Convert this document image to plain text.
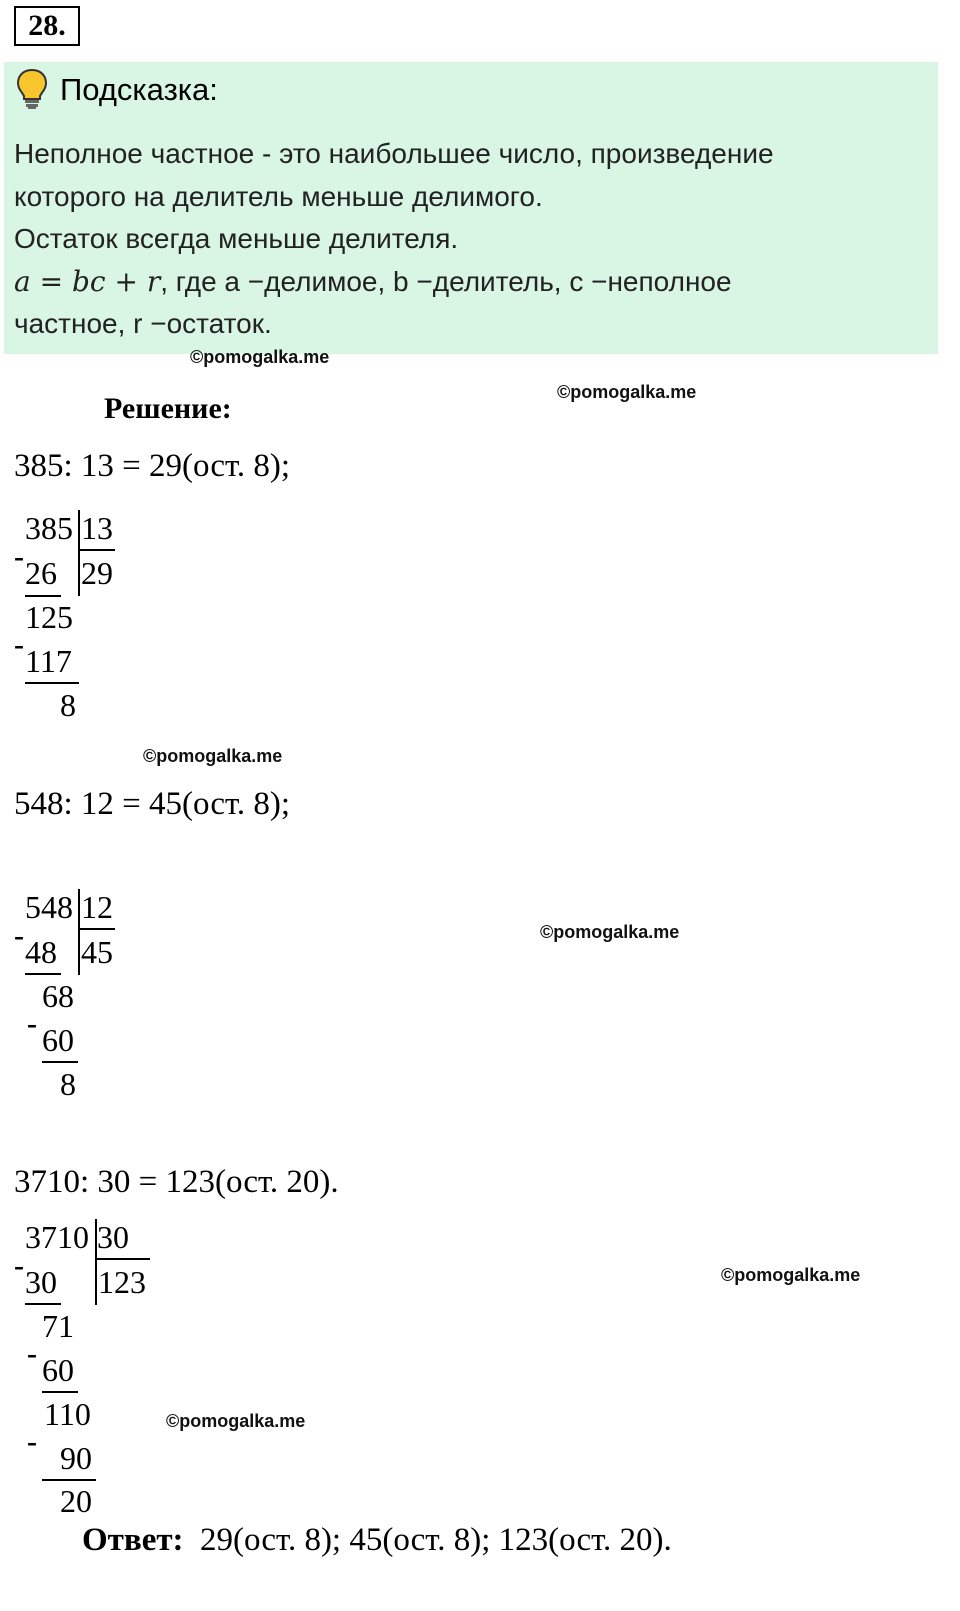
28.
Подсказка:
Неполное частное - это наибольшее число, произведение
которого на делитель меньше делимого.
Остаток всегда меньше делителя.
a = bc + r, где a −делимое, b −делитель, c −неполное
частное, r −остаток.
©pomogalka.me
©pomogalka.me
©pomogalka.me
©pomogalka.me
©pomogalka.me
©pomogalka.me
Решение:
385: 13 = 29(ост. 8);
385 13
- 26 29
125
- 117
8
548: 12 = 45(ост. 8);
548 12
- 48 45
68
- 60
8
3710: 30 = 123(ост. 20).
3710 30
- 30 123
71
- 60
110
- 90
20
Ответ: 29(ост. 8); 45(ост. 8); 123(ост. 20).
